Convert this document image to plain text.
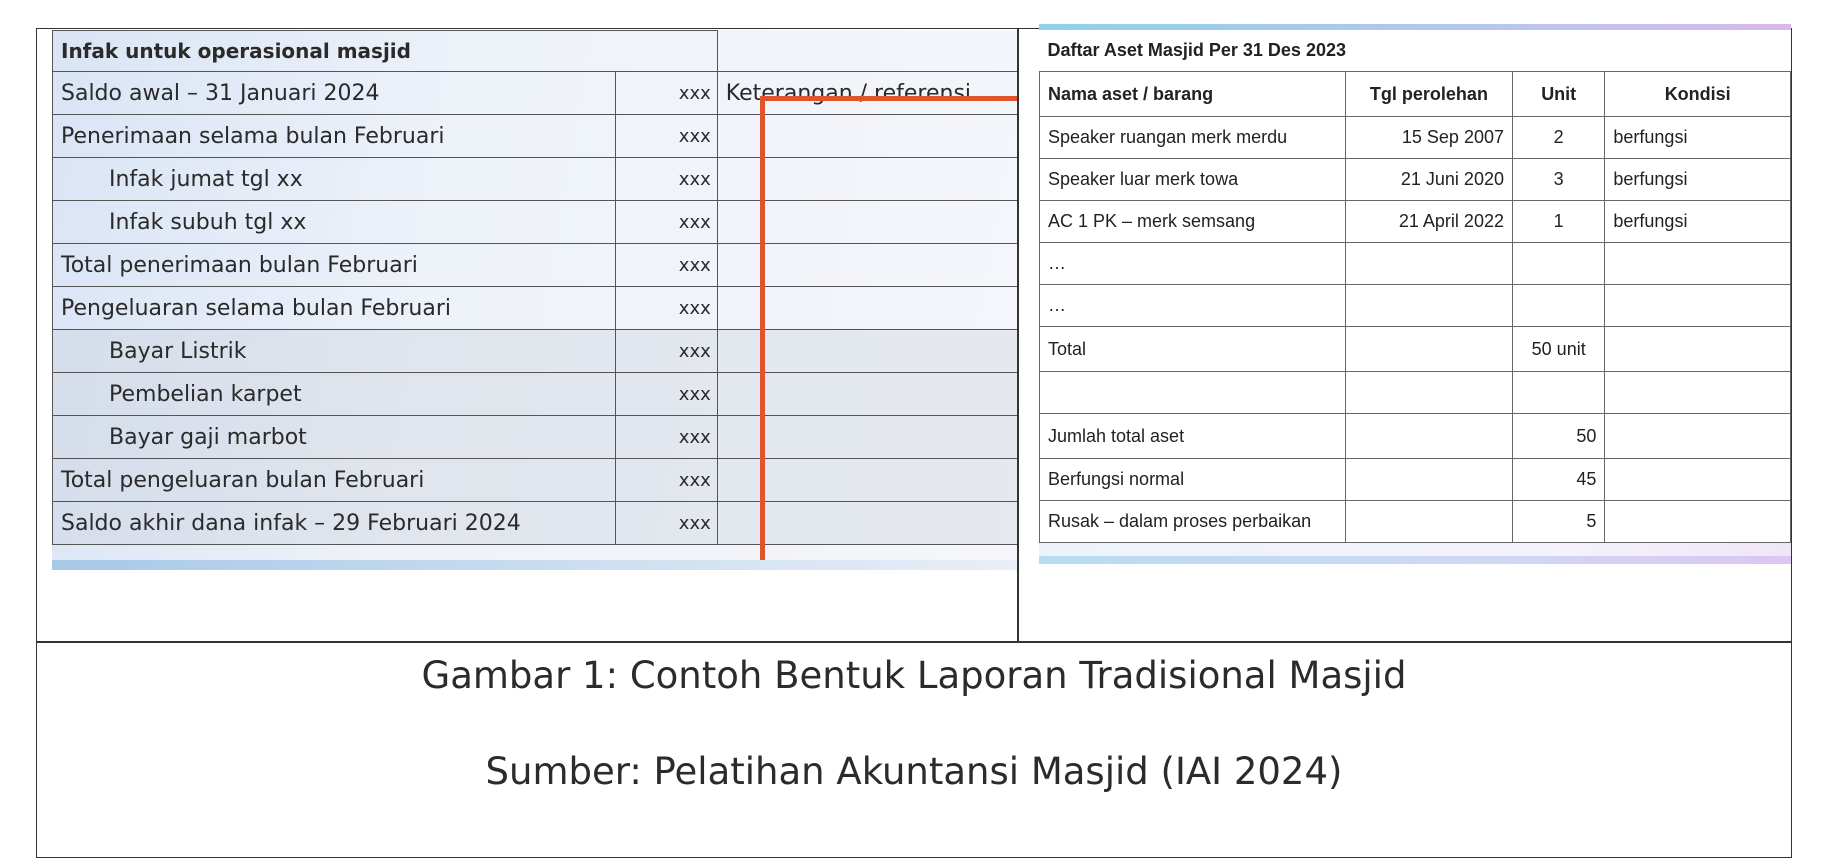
Infak untuk operasional masjid		
Saldo awal – 31 Januari 2024	xxx	Keterangan / referensi
Penerimaan selama bulan Februari	xxx	
Infak jumat tgl xx	xxx	
Infak subuh tgl xx	xxx	
Total penerimaan bulan Februari	xxx	
Pengeluaran selama bulan Februari	xxx	
Bayar Listrik	xxx	
Pembelian karpet	xxx	
Bayar gaji marbot	xxx	
Total pengeluaran bulan Februari	xxx	
Saldo akhir dana infak – 29 Februari 2024	xxx	
Daftar Aset Masjid Per 31 Des 2023			
Nama aset / barang	Tgl perolehan	Unit	Kondisi
Speaker ruangan merk merdu	15 Sep 2007	2	berfungsi
Speaker luar merk towa	21 Juni 2020	3	berfungsi
AC 1 PK – merk semsang	21 April 2022	1	berfungsi
…			
…			
Total		50 unit	

Jumlah total aset		50	
Berfungsi normal		45	
Rusak – dalam proses perbaikan		5	
Gambar 1: Contoh Bentuk Laporan Tradisional Masjid
Sumber: Pelatihan Akuntansi Masjid (IAI 2024)
